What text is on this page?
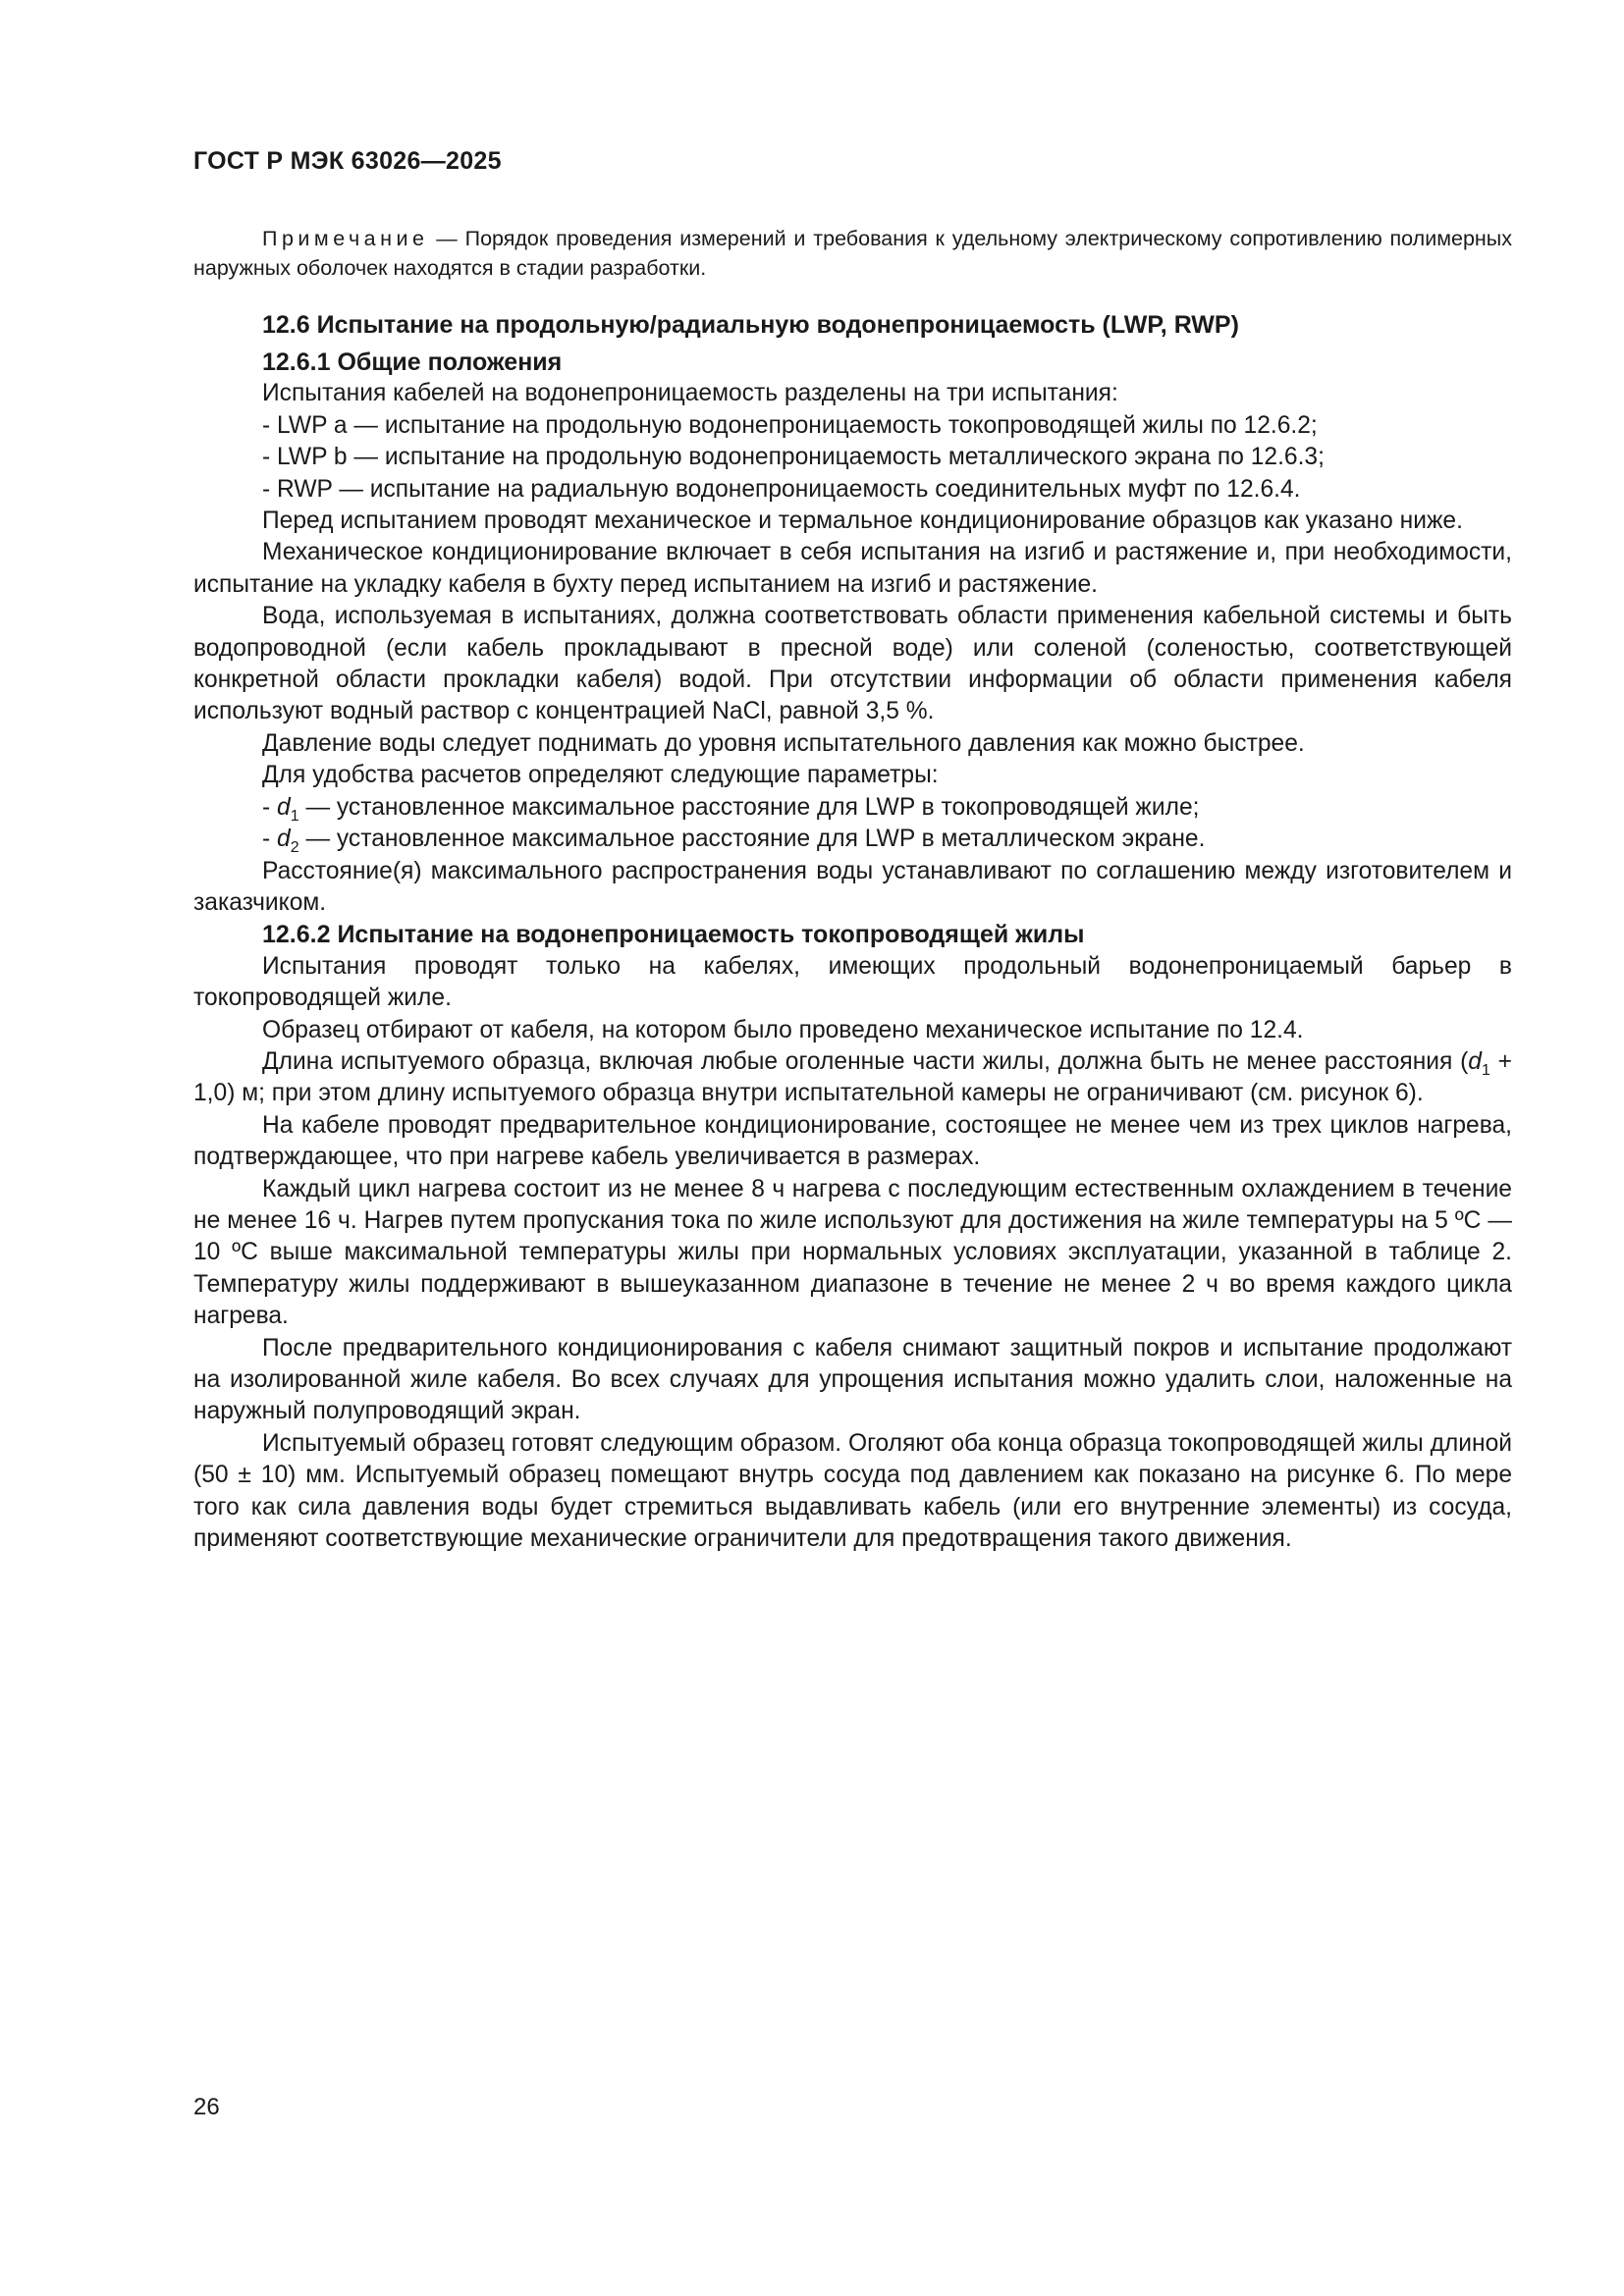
ГОСТ Р МЭК 63026—2025

Примечание — Порядок проведения измерений и требования к удельному электрическому сопротивлению полимерных наружных оболочек находятся в стадии разработки.

12.6 Испытание на продольную/радиальную водонепроницаемость (LWP, RWP)
12.6.1 Общие положения

Испытания кабелей на водонепроницаемость разделены на три испытания:

- LWP a — испытание на продольную водонепроницаемость токопроводящей жилы по 12.6.2;

- LWP b — испытание на продольную водонепроницаемость металлического экрана по 12.6.3;

- RWP — испытание на радиальную водонепроницаемость соединительных муфт по 12.6.4.

Перед испытанием проводят механическое и термальное кондиционирование образцов как указано ниже.

Механическое кондиционирование включает в себя испытания на изгиб и растяжение и, при необходимости, испытание на укладку кабеля в бухту перед испытанием на изгиб и растяжение.

Вода, используемая в испытаниях, должна соответствовать области применения кабельной системы и быть водопроводной (если кабель прокладывают в пресной воде) или соленой (соленостью, соответствующей конкретной области прокладки кабеля) водой. При отсутствии информации об области применения кабеля используют водный раствор с концентрацией NaCl, равной 3,5 %.

Давление воды следует поднимать до уровня испытательного давления как можно быстрее.

Для удобства расчетов определяют следующие параметры:

- $d_1$ — установленное максимальное расстояние для LWP в токопроводящей жиле;

- $d_2$ — установленное максимальное расстояние для LWP в металлическом экране.

Расстояние(я) максимального распространения воды устанавливают по соглашению между изготовителем и заказчиком.

12.6.2 Испытание на водонепроницаемость токопроводящей жилы

Испытания проводят только на кабелях, имеющих продольный водонепроницаемый барьер в токопроводящей жиле.

Образец отбирают от кабеля, на котором было проведено механическое испытание по 12.4.

Длина испытуемого образца, включая любые оголенные части жилы, должна быть не менее расстояния $(d_1 + 1,0)$ м; при этом длину испытуемого образца внутри испытательной камеры не ограничивают (см. рисунок 6).

На кабеле проводят предварительное кондиционирование, состоящее не менее чем из трех циклов нагрева, подтверждающее, что при нагреве кабель увеличивается в размерах.

Каждый цикл нагрева состоит из не менее 8 ч нагрева с последующим естественным охлаждением в течение не менее 16 ч. Нагрев путем пропускания тока по жиле используют для достижения на жиле температуры на 5 ºС — 10 ºС выше максимальной температуры жилы при нормальных условиях эксплуатации, указанной в таблице 2. Температуру жилы поддерживают в вышеуказанном диапазоне в течение не менее 2 ч во время каждого цикла нагрева.

После предварительного кондиционирования с кабеля снимают защитный покров и испытание продолжают на изолированной жиле кабеля. Во всех случаях для упрощения испытания можно удалить слои, наложенные на наружный полупроводящий экран.

Испытуемый образец готовят следующим образом. Оголяют оба конца образца токопроводящей жилы длиной (50 ± 10) мм. Испытуемый образец помещают внутрь сосуда под давлением как показано на рисунке 6. По мере того как сила давления воды будет стремиться выдавливать кабель (или его внутренние элементы) из сосуда, применяют соответствующие механические ограничители для предотвращения такого движения.

26
